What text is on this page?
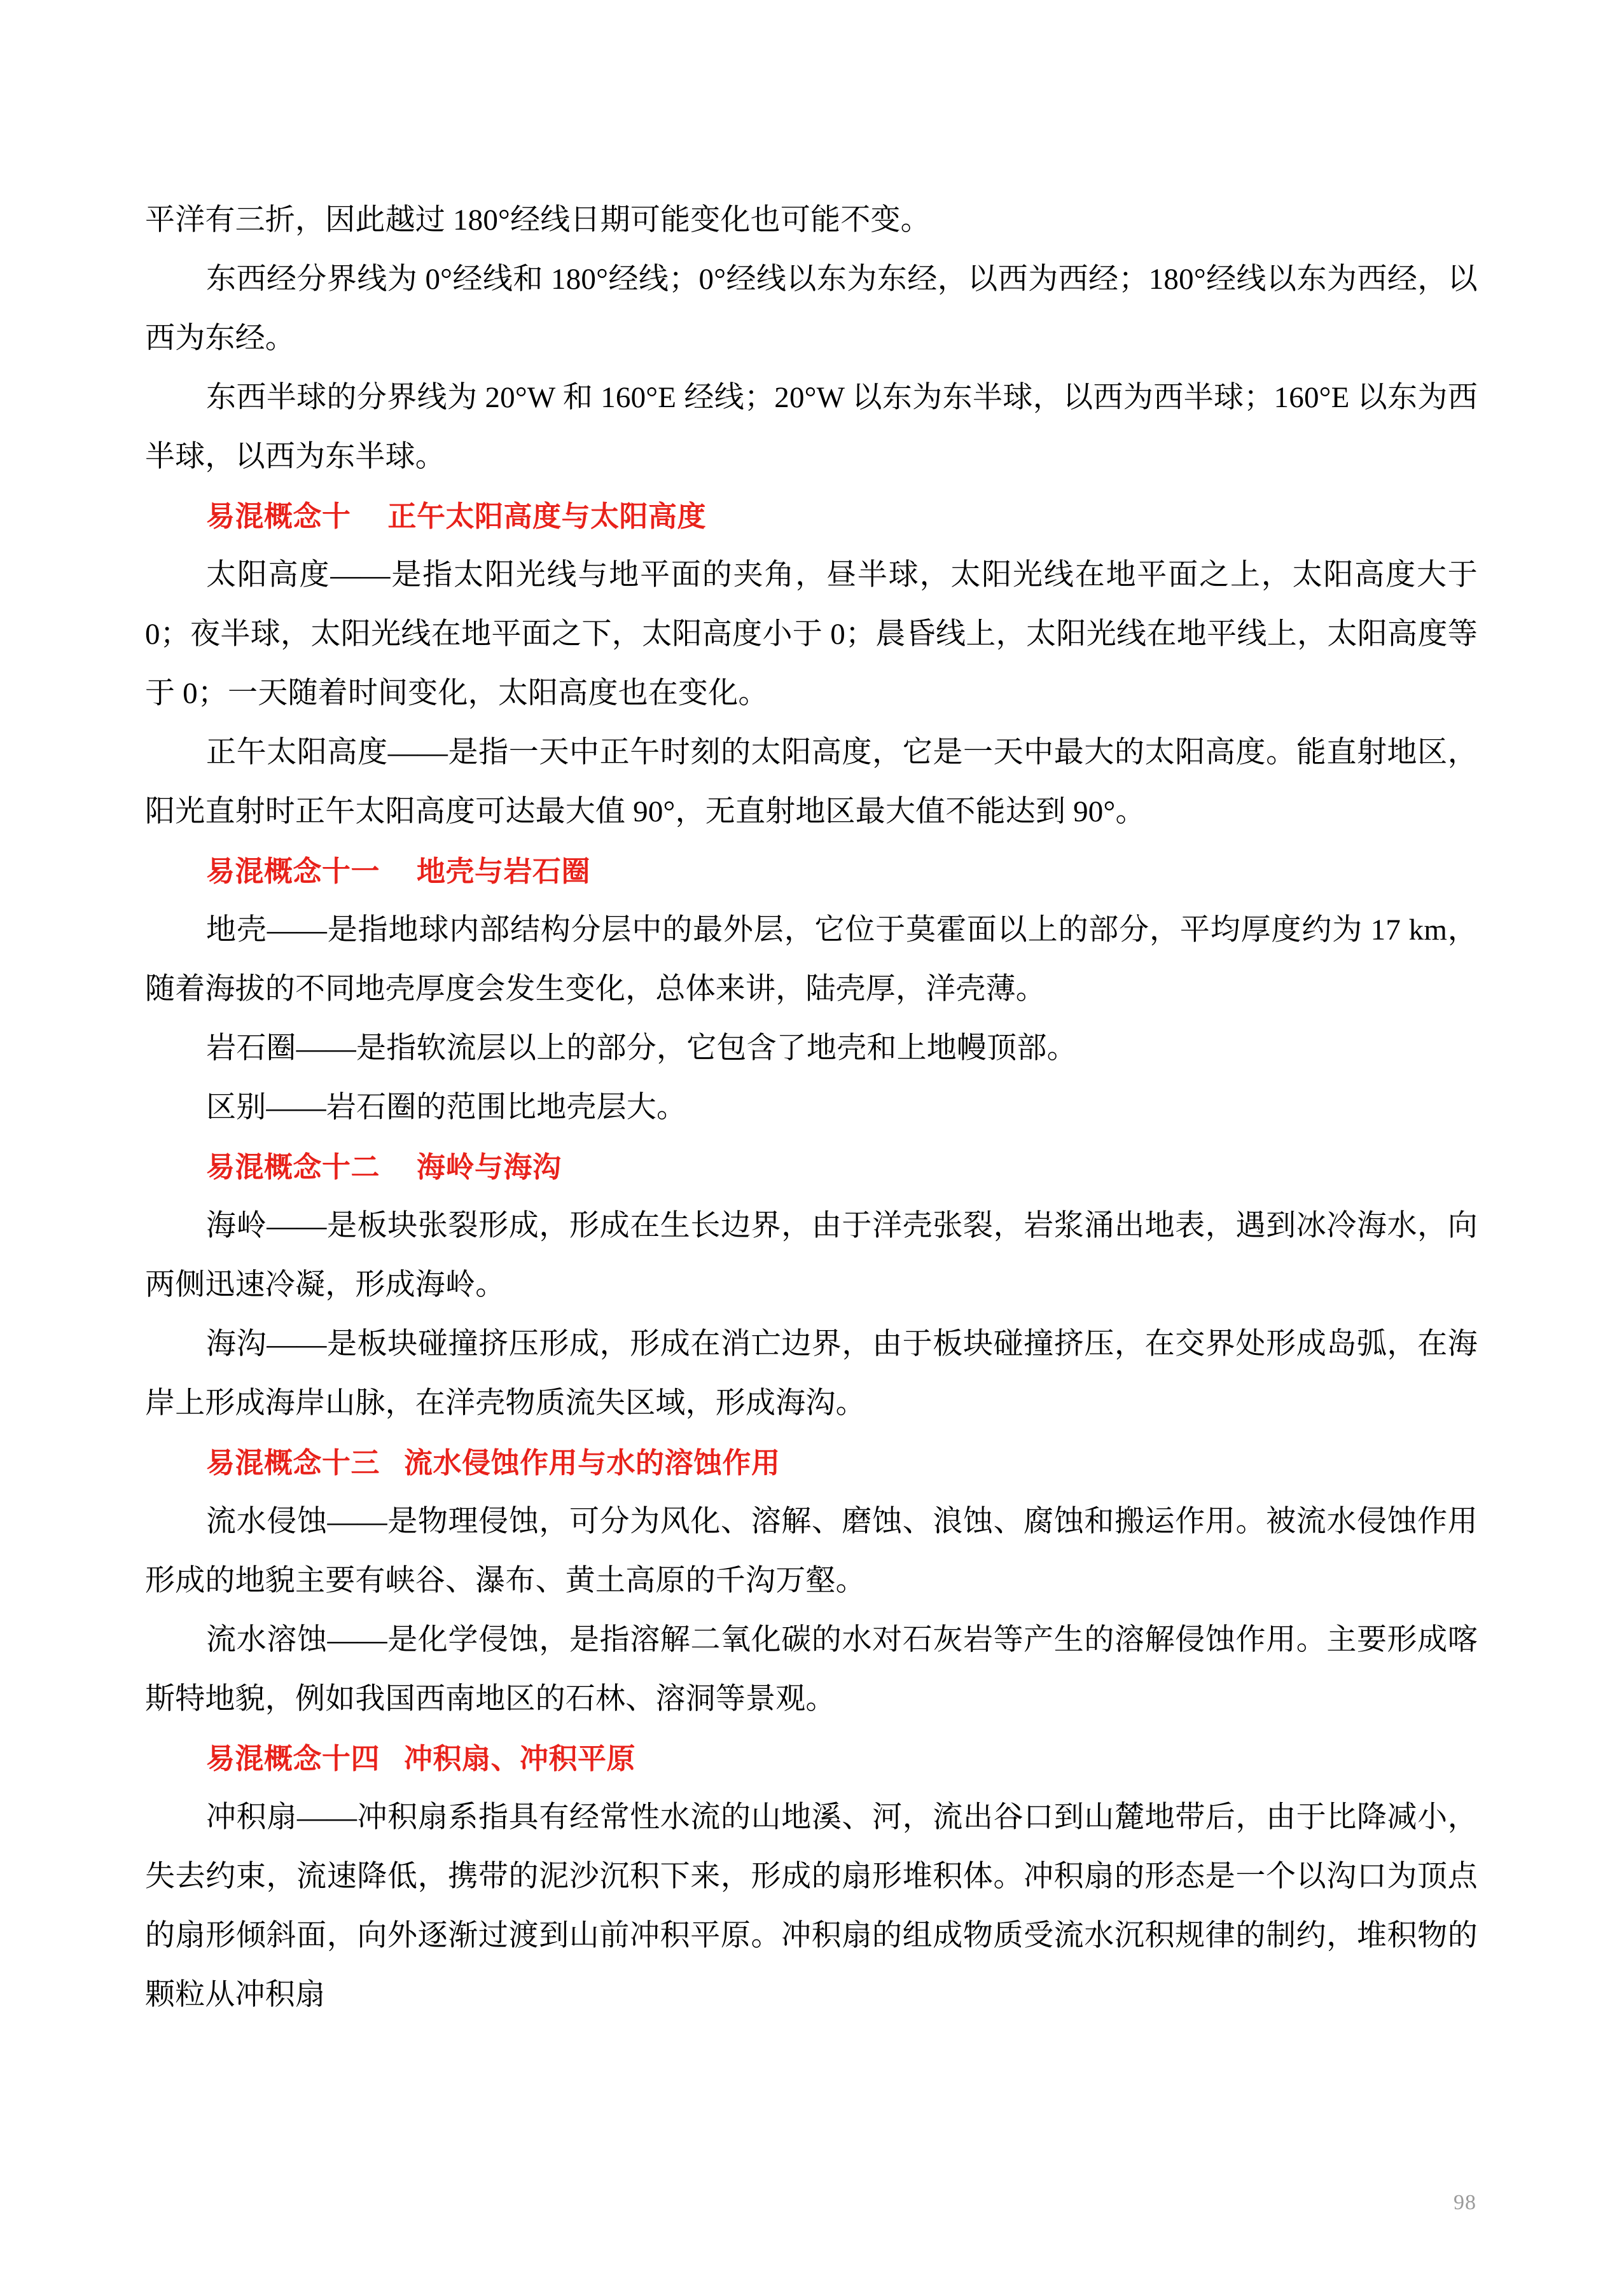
平洋有三折，因此越过 180°经线日期可能变化也可能不变。

东西经分界线为 0°经线和 180°经线；0°经线以东为东经，以西为西经；180°经线以东为西经，以西为东经。

东西半球的分界线为 20°W 和 160°E 经线；20°W 以东为东半球，以西为西半球；160°E 以东为西半球，以西为东半球。

易混概念十 正午太阳高度与太阳高度

太阳高度——是指太阳光线与地平面的夹角，昼半球，太阳光线在地平面之上，太阳高度大于 0；夜半球，太阳光线在地平面之下，太阳高度小于 0；晨昏线上，太阳光线在地平线上，太阳高度等于 0；一天随着时间变化，太阳高度也在变化。

正午太阳高度——是指一天中正午时刻的太阳高度，它是一天中最大的太阳高度。能直射地区，阳光直射时正午太阳高度可达最大值 90°，无直射地区最大值不能达到 90°。

易混概念十一 地壳与岩石圈

地壳——是指地球内部结构分层中的最外层，它位于莫霍面以上的部分，平均厚度约为 17 km，随着海拔的不同地壳厚度会发生变化，总体来讲，陆壳厚，洋壳薄。

岩石圈——是指软流层以上的部分，它包含了地壳和上地幔顶部。

区别——岩石圈的范围比地壳层大。

易混概念十二 海岭与海沟

海岭——是板块张裂形成，形成在生长边界，由于洋壳张裂，岩浆涌出地表，遇到冰冷海水，向两侧迅速冷凝，形成海岭。

海沟——是板块碰撞挤压形成，形成在消亡边界，由于板块碰撞挤压，在交界处形成岛弧，在海岸上形成海岸山脉，在洋壳物质流失区域，形成海沟。

易混概念十三 流水侵蚀作用与水的溶蚀作用

流水侵蚀——是物理侵蚀，可分为风化、溶解、磨蚀、浪蚀、腐蚀和搬运作用。被流水侵蚀作用形成的地貌主要有峡谷、瀑布、黄土高原的千沟万壑。

流水溶蚀——是化学侵蚀，是指溶解二氧化碳的水对石灰岩等产生的溶解侵蚀作用。主要形成喀斯特地貌，例如我国西南地区的石林、溶洞等景观。

易混概念十四 冲积扇、冲积平原

冲积扇——冲积扇系指具有经常性水流的山地溪、河，流出谷口到山麓地带后，由于比降减小，失去约束，流速降低，携带的泥沙沉积下来，形成的扇形堆积体。冲积扇的形态是一个以沟口为顶点的扇形倾斜面，向外逐渐过渡到山前冲积平原。冲积扇的组成物质受流水沉积规律的制约，堆积物的颗粒从冲积扇

98
